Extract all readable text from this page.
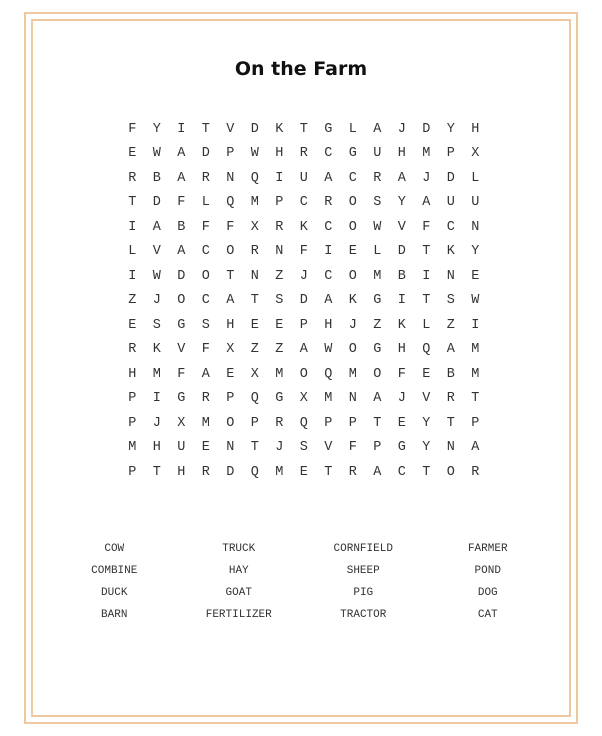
On the Farm
F	Y	I	T	V	D	K	T	G	L	A	J	D	Y	H
E	W	A	D	P	W	H	R	C	G	U	H	M	P	X
R	B	A	R	N	Q	I	U	A	C	R	A	J	D	L
T	D	F	L	Q	M	P	C	R	O	S	Y	A	U	U
I	A	B	F	F	X	R	K	C	O	W	V	F	C	N
L	V	A	C	O	R	N	F	I	E	L	D	T	K	Y
I	W	D	O	T	N	Z	J	C	O	M	B	I	N	E
Z	J	O	C	A	T	S	D	A	K	G	I	T	S	W
E	S	G	S	H	E	E	P	H	J	Z	K	L	Z	I
R	K	V	F	X	Z	Z	A	W	O	G	H	Q	A	M
H	M	F	A	E	X	M	O	Q	M	O	F	E	B	M
P	I	G	R	P	Q	G	X	M	N	A	J	V	R	T
P	J	X	M	O	P	R	Q	P	P	T	E	Y	T	P
M	H	U	E	N	T	J	S	V	F	P	G	Y	N	A
P	T	H	R	D	Q	M	E	T	R	A	C	T	O	R
COW	TRUCK	CORNFIELD	FARMER
COMBINE	HAY	SHEEP	POND
DUCK	GOAT	PIG	DOG
BARN	FERTILIZER	TRACTOR	CAT
